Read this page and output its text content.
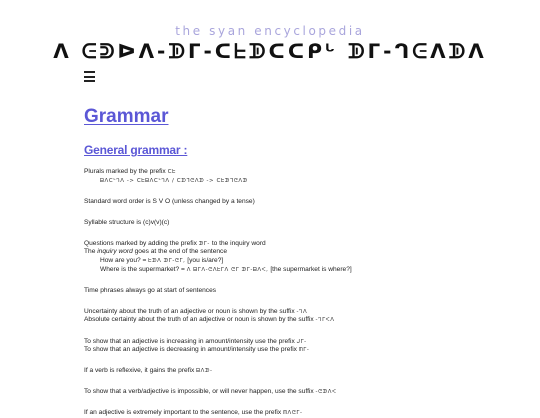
the syan encyclopedia
ᐱ ᕮᕲᐅᐱ-ᗫᒥ-ᑕᖶᗫᑕᑕᑭᒡ ᗫᒥ-ᒉᕮᐱᗫᐱ
Grammar
General grammar :
Plurals marked by the prefix ᑕᖶ
ᗷᐱᑕᒡᒉᐱ -> ᑕᖶᗷᐱᑕᒡᒉᐱ / ᑕᗫᒣᕮᐱᗫ -> ᑕᖶᗫᒣᕮᐱᗫ
Standard word order is S V O (unless changed by a tense)
Syllable structure is (c)v(v)(c)
Questions marked by adding the prefix ᗫᒥ- to the inquiry word
The inquiry word goes at the end of the sentence
How are you? = ᖶᗫᐱ ᗫᒥ-ᕮᒥ, [you is/are?]
Where is the supermarket? = ᐱ ᗷᒥᐱ-ᕮᐱᖶᒥᐱ ᕮᒥ ᗫᒥ-ᗷᐱᐸ, [the supermarket is where?]
Time phrases always go at start of sentences
Uncertainty about the truth of an adjective or noun is shown by the suffix -ᒉᐱ
Absolute certainty about the truth of an adjective or noun is shown by the suffix -ᒉᒥᐸᐱ
To show that an adjective is increasing in amount/intensity use the prefix ᒍᒥ-
To show that an adjective is decreasing in amount/intensity use the prefix ᗰᒥ-
If a verb is reflexive, it gains the prefix ᗷᐱᗫ-
To show that a verb/adjective is impossible, or will never happen, use the suffix -ᕮᗫᐱᐸ
If an adjective is extremely important to the sentence, use the prefix ᗰᐱᕮᒥ-
